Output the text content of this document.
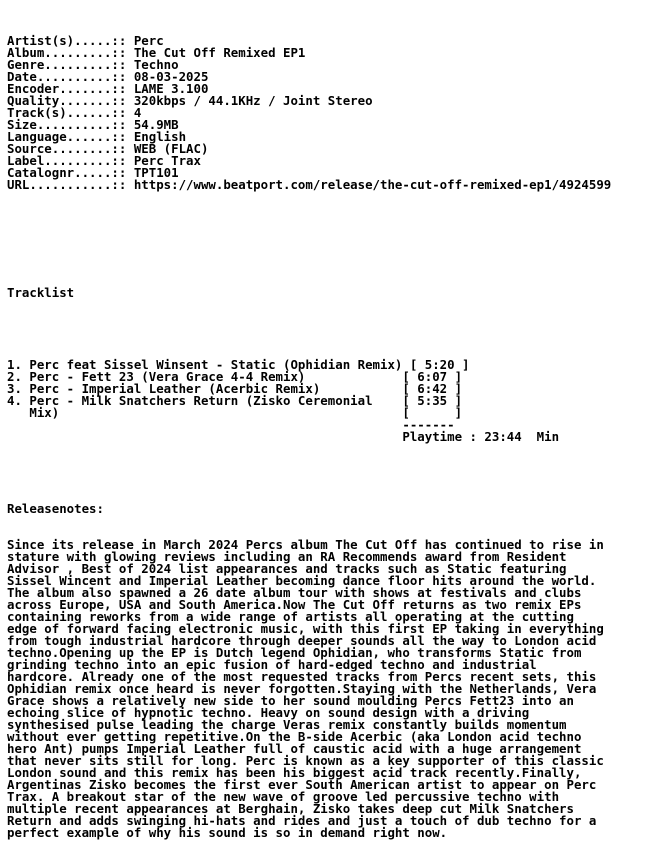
Artist(s).....:: Perc
Album.........:: The Cut Off Remixed EP1
Genre.........:: Techno
Date..........:: 08-03-2025
Encoder.......:: LAME 3.100
Quality.......:: 320kbps / 44.1KHz / Joint Stereo
Track(s)......:: 4
Size..........:: 54.9MB
Language......:: English
Source........:: WEB (FLAC)
Label.........:: Perc Trax
Catalognr.....:: TPT101
URL...........:: https://www.beatport.com/release/the-cut-off-remixed-ep1/4924599

Tracklist

1. Perc feat Sissel Winsent - Static (Ophidian Remix) [ 5:20 ]
2. Perc - Fett 23 (Vera Grace 4-4 Remix)             [ 6:07 ]
3. Perc - Imperial Leather (Acerbic Remix)           [ 6:42 ]
4. Perc - Milk Snatchers Return (Zisko Ceremonial    [ 5:35 ]
Mix)                                              [      ]
-------
Playtime : 23:44  Min

Releasenotes:

Since its release in March 2024 Percs album The Cut Off has continued to rise in
stature with glowing reviews including an RA Recommends award from Resident
Advisor , Best of 2024 list appearances and tracks such as Static featuring
Sissel Wincent and Imperial Leather becoming dance floor hits around the world.
The album also spawned a 26 date album tour with shows at festivals and clubs
across Europe, USA and South America.Now The Cut Off returns as two remix EPs
containing reworks from a wide range of artists all operating at the cutting
edge of forward facing electronic music, with this first EP taking in everything
from tough industrial hardcore through deeper sounds all the way to London acid
techno.Opening up the EP is Dutch legend Ophidian, who transforms Static from
grinding techno into an epic fusion of hard-edged techno and industrial
hardcore. Already one of the most requested tracks from Percs recent sets, this
Ophidian remix once heard is never forgotten.Staying with the Netherlands, Vera
Grace shows a relatively new side to her sound moulding Percs Fett23 into an
echoing slice of hypnotic techno. Heavy on sound design with a driving
synthesised pulse leading the charge Veras remix constantly builds momentum
without ever getting repetitive.On the B-side Acerbic (aka London acid techno
hero Ant) pumps Imperial Leather full of caustic acid with a huge arrangement
that never sits still for long. Perc is known as a key supporter of this classic
London sound and this remix has been his biggest acid track recently.Finally,
Argentinas Zisko becomes the first ever South American artist to appear on Perc
Trax. A breakout star of the new wave of groove led percussive techno with
multiple recent appearances at Berghain, Zisko takes deep cut Milk Snatchers
Return and adds swinging hi-hats and rides and just a touch of dub techno for a
perfect example of why his sound is so in demand right now.
